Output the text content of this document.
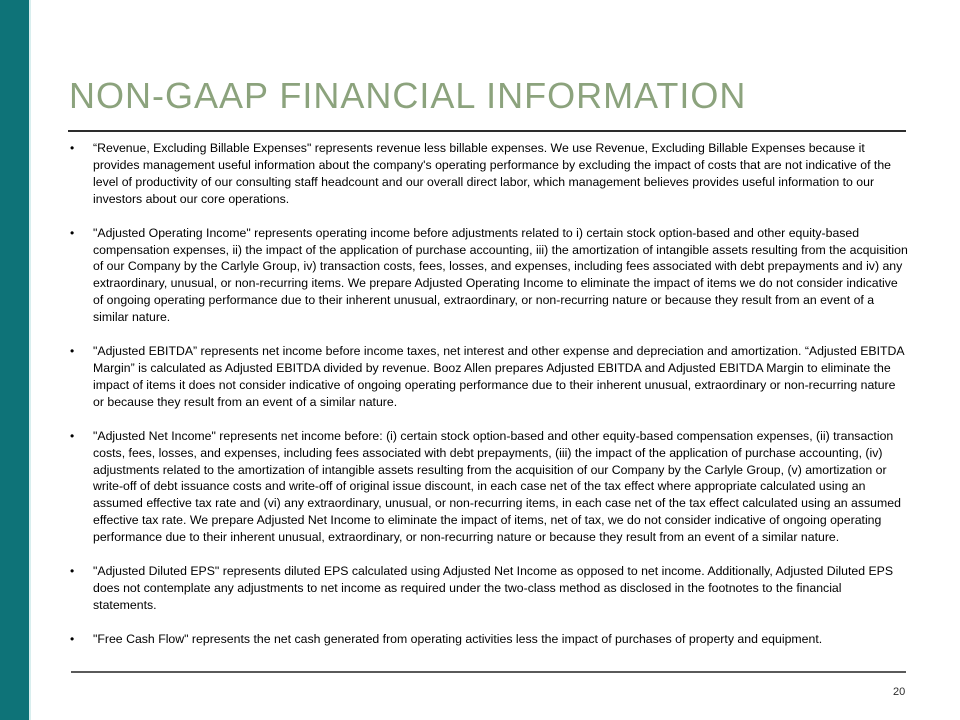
NON-GAAP FINANCIAL INFORMATION
•	“Revenue, Excluding Billable Expenses" represents revenue less billable expenses. We use Revenue, Excluding Billable Expenses because it provides management useful information about the company's operating performance by excluding the impact of costs that are not indicative of the level of productivity of our consulting staff headcount and our overall direct labor, which management believes provides useful information to our investors about our core operations.
•	"Adjusted Operating Income" represents operating income before adjustments related to i) certain stock option-based and other equity-based compensation expenses, ii) the impact of the application of purchase accounting, iii) the amortization of intangible assets resulting from the acquisition of our Company by the Carlyle Group, iv) transaction costs, fees, losses, and expenses, including fees associated with debt prepayments and iv) any extraordinary, unusual, or non-recurring items. We prepare Adjusted Operating Income to eliminate the impact of items we do not consider indicative of ongoing operating performance due to their inherent unusual, extraordinary, or non-recurring nature or because they result from an event of a similar nature.
•	"Adjusted EBITDA” represents net income before income taxes, net interest and other expense and depreciation and amortization. “Adjusted EBITDA Margin” is calculated as Adjusted EBITDA divided by revenue. Booz Allen prepares Adjusted EBITDA and Adjusted EBITDA Margin to eliminate the impact of items it does not consider indicative of ongoing operating performance due to their inherent unusual, extraordinary or non-recurring nature or because they result from an event of a similar nature.
•	"Adjusted Net Income" represents net income before: (i) certain stock option-based and other equity-based compensation expenses, (ii) transaction costs, fees, losses, and expenses, including fees associated with debt prepayments, (iii) the impact of the application of purchase accounting, (iv) adjustments related to the amortization of intangible assets resulting from the acquisition of our Company by the Carlyle Group, (v) amortization or write-off of debt issuance costs and write-off of original issue discount, in each case net of the tax effect where appropriate calculated using an assumed effective tax rate and (vi) any extraordinary, unusual, or non-recurring items, in each case net of the tax effect calculated using an assumed effective tax rate. We prepare Adjusted Net Income to eliminate the impact of items, net of tax, we do not consider indicative of ongoing operating performance due to their inherent unusual, extraordinary, or non-recurring nature or because they result from an event of a similar nature.
•	"Adjusted Diluted EPS" represents diluted EPS calculated using Adjusted Net Income as opposed to net income. Additionally, Adjusted Diluted EPS does not contemplate any adjustments to net income as required under the two-class method as disclosed in the footnotes to the financial statements.
•	"Free Cash Flow" represents the net cash generated from operating activities less the impact of purchases of property and equipment.
20
